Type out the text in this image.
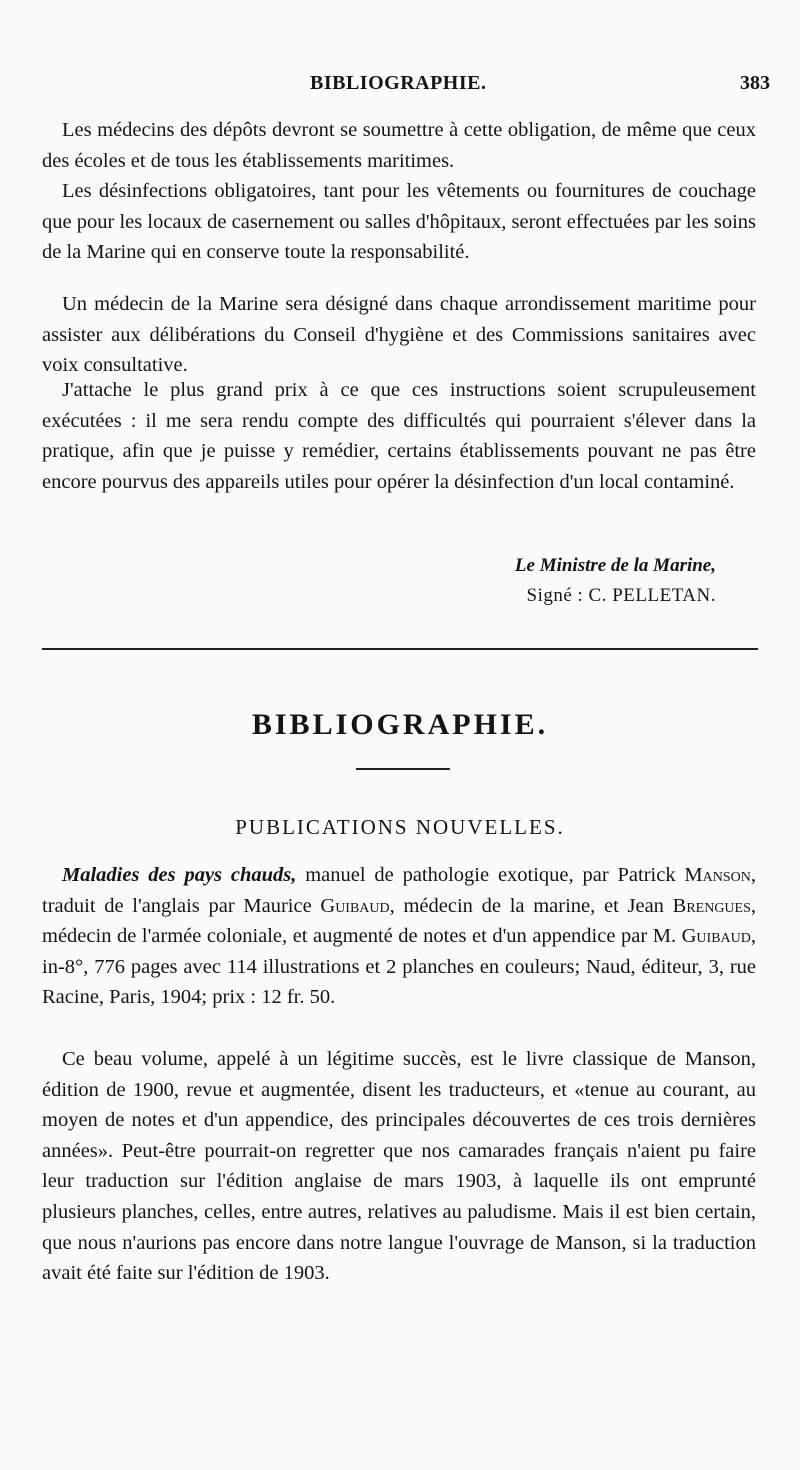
BIBLIOGRAPHIE.	383
Les médecins des dépôts devront se soumettre à cette obligation, de même que ceux des écoles et de tous les établissements maritimes.
Les désinfections obligatoires, tant pour les vêtements ou fournitures de couchage que pour les locaux de casernement ou salles d'hôpitaux, seront effectuées par les soins de la Marine qui en conserve toute la responsabilité.
Un médecin de la Marine sera désigné dans chaque arrondissement maritime pour assister aux délibérations du Conseil d'hygiène et des Commissions sanitaires avec voix consultative.
J'attache le plus grand prix à ce que ces instructions soient scrupuleusement exécutées : il me sera rendu compte des difficultés qui pourraient s'élever dans la pratique, afin que je puisse y remédier, certains établissements pouvant ne pas être encore pourvus des appareils utiles pour opérer la désinfection d'un local contaminé.
Le Ministre de la Marine,
Signé : C. PELLETAN.
BIBLIOGRAPHIE.
PUBLICATIONS NOUVELLES.
Maladies des pays chauds, manuel de pathologie exotique, par Patrick Manson, traduit de l'anglais par Maurice Guibaud, médecin de la marine, et Jean Brengues, médecin de l'armée coloniale, et augmenté de notes et d'un appendice par M. Guibaud, in-8°, 776 pages avec 114 illustrations et 2 planches en couleurs; Naud, éditeur, 3, rue Racine, Paris, 1904; prix : 12 fr. 50.
Ce beau volume, appelé à un légitime succès, est le livre classique de Manson, édition de 1900, revue et augmentée, disent les traducteurs, et «tenue au courant, au moyen de notes et d'un appendice, des principales découvertes de ces trois dernières années». Peut-être pourrait-on regretter que nos camarades français n'aient pu faire leur traduction sur l'édition anglaise de mars 1903, à laquelle ils ont emprunté plusieurs planches, celles, entre autres, relatives au paludisme. Mais il est bien certain, que nous n'aurions pas encore dans notre langue l'ouvrage de Manson, si la traduction avait été faite sur l'édition de 1903.
